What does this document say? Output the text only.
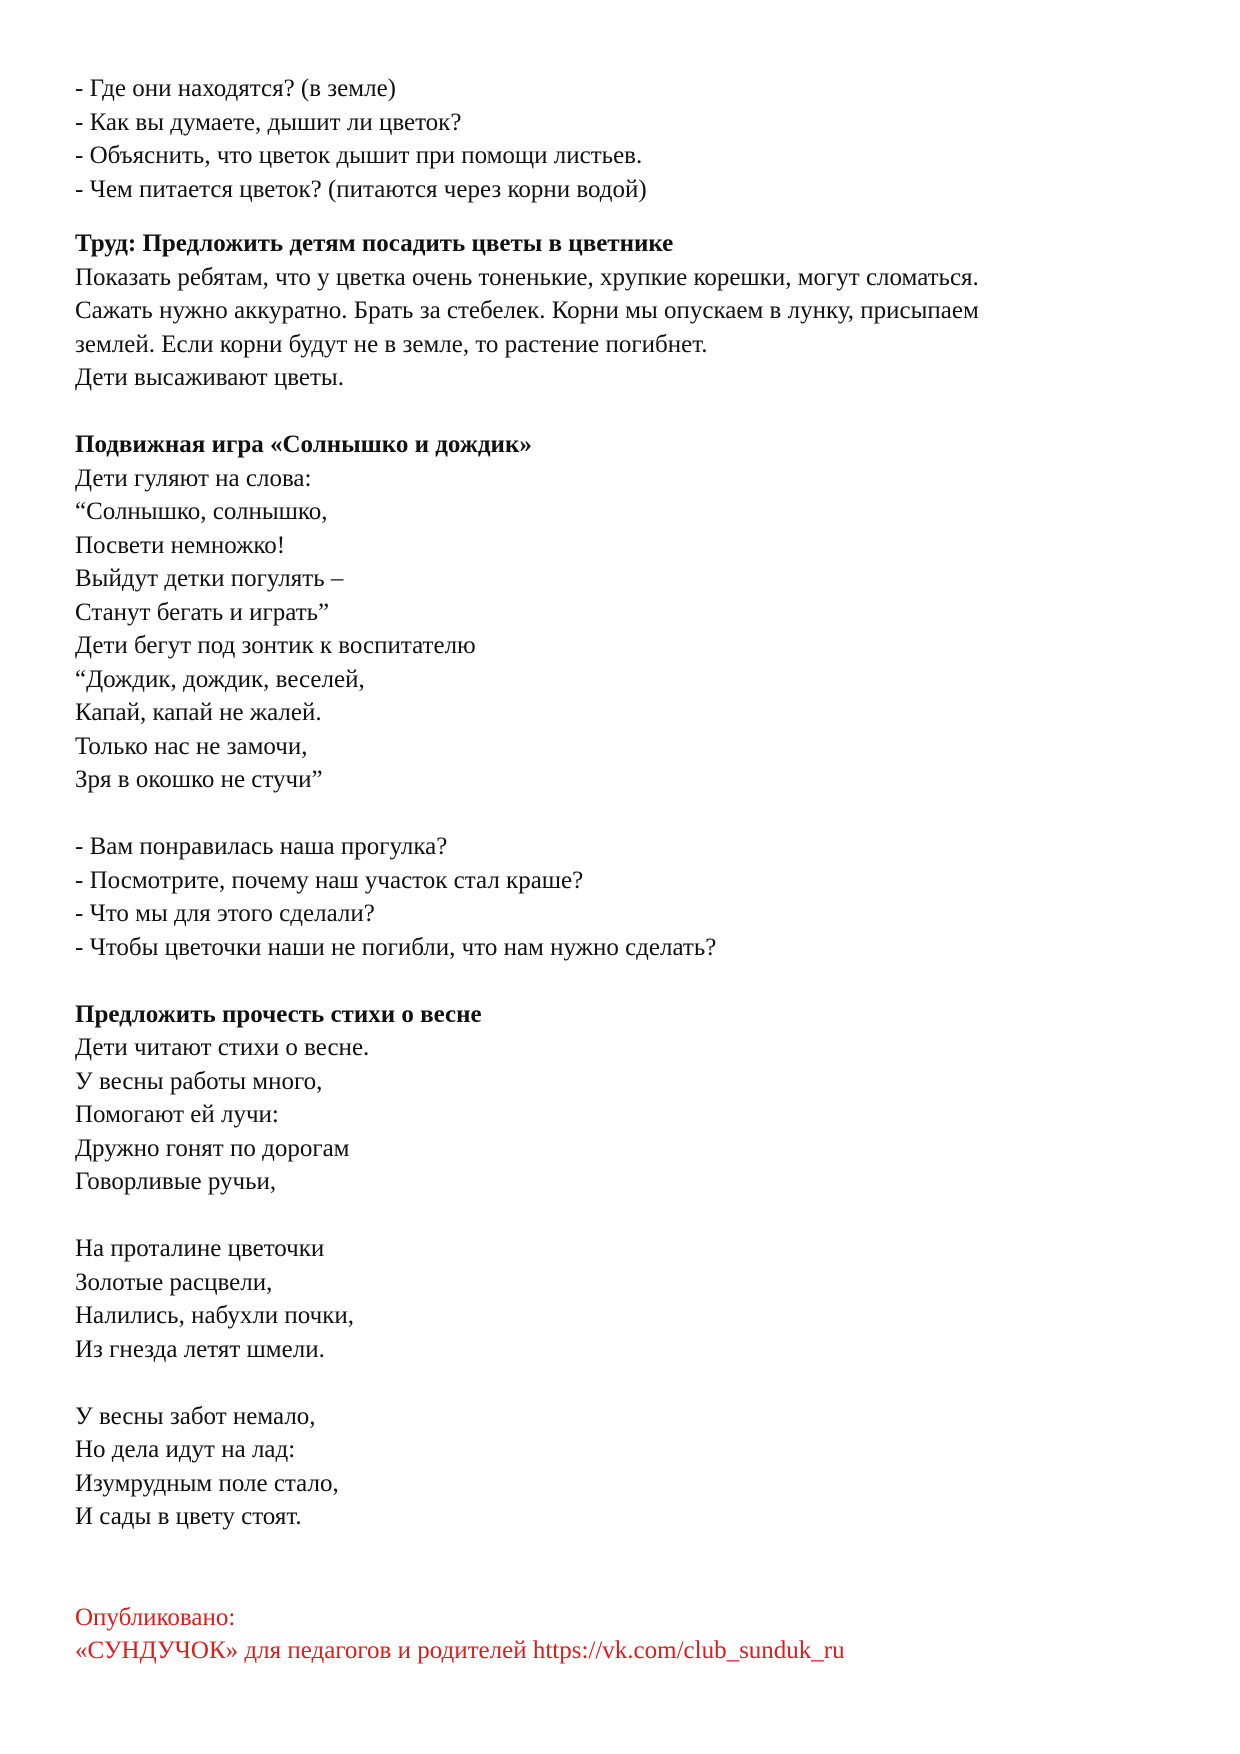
- Где они находятся? (в земле)
- Как вы думаете, дышит ли цветок?
- Объяснить, что цветок дышит при помощи листьев.
- Чем питается цветок? (питаются через корни водой)
Труд: Предложить детям посадить цветы в цветнике
Показать ребятам, что у цветка очень тоненькие, хрупкие корешки, могут сломаться.
Сажать нужно аккуратно. Брать за стебелек. Корни мы опускаем в лунку, присыпаем
землей. Если корни будут не в земле, то растение погибнет.
Дети высаживают цветы.
Подвижная игра «Солнышко и дождик»
Дети гуляют на слова:
“Солнышко, солнышко,
Посвети немножко!
Выйдут детки погулять –
Станут бегать и играть”
Дети бегут под зонтик к воспитателю
“Дождик, дождик, веселей,
Капай, капай не жалей.
Только нас не замочи,
Зря в окошко не стучи”
- Вам понравилась наша прогулка?
- Посмотрите, почему наш участок стал краше?
- Что мы для этого сделали?
- Чтобы цветочки наши не погибли, что нам нужно сделать?
Предложить прочесть стихи о весне
Дети читают стихи о весне.
У весны работы много,
Помогают ей лучи:
Дружно гонят по дорогам
Говорливые ручьи,
На проталине цветочки
Золотые расцвели,
Налились, набухли почки,
Из гнезда летят шмели.
У весны забот немало,
Но дела идут на лад:
Изумрудным поле стало,
И сады в цвету стоят.
Опубликовано:
«СУНДУЧОК» для педагогов и родителей https://vk.com/club_sunduk_ru
